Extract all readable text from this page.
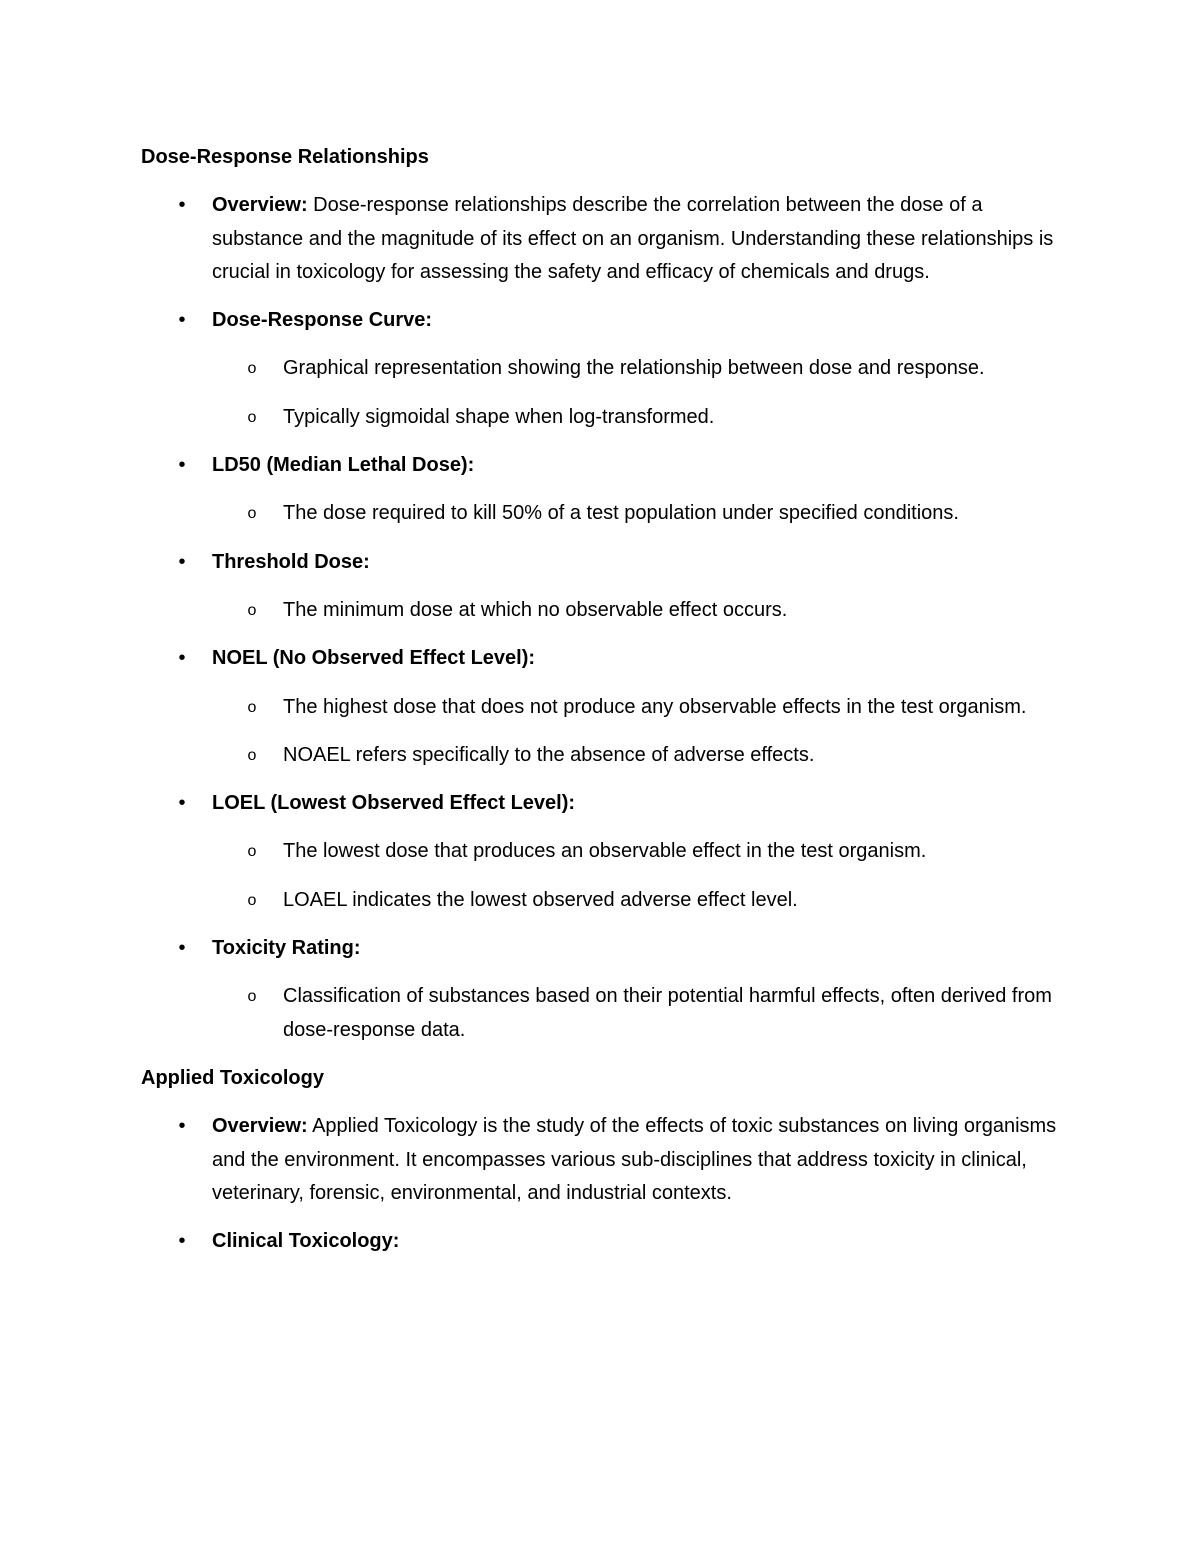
Dose-Response Relationships
•	Overview: Dose-response relationships describe the correlation between the dose of a substance and the magnitude of its effect on an organism. Understanding these relationships is crucial in toxicology for assessing the safety and efficacy of chemicals and drugs.
•	Dose-Response Curve:
o Graphical representation showing the relationship between dose and response.
o Typically sigmoidal shape when log-transformed.
•	LD50 (Median Lethal Dose):
o The dose required to kill 50% of a test population under specified conditions.
•	Threshold Dose:
o The minimum dose at which no observable effect occurs.
•	NOEL (No Observed Effect Level):
o The highest dose that does not produce any observable effects in the test organism.
o NOAEL refers specifically to the absence of adverse effects.
•	LOEL (Lowest Observed Effect Level):
o The lowest dose that produces an observable effect in the test organism.
o LOAEL indicates the lowest observed adverse effect level.
•	Toxicity Rating:
o Classification of substances based on their potential harmful effects, often derived from dose-response data.
Applied Toxicology
•	Overview: Applied Toxicology is the study of the effects of toxic substances on living organisms and the environment. It encompasses various sub-disciplines that address toxicity in clinical, veterinary, forensic, environmental, and industrial contexts.
•	Clinical Toxicology:
